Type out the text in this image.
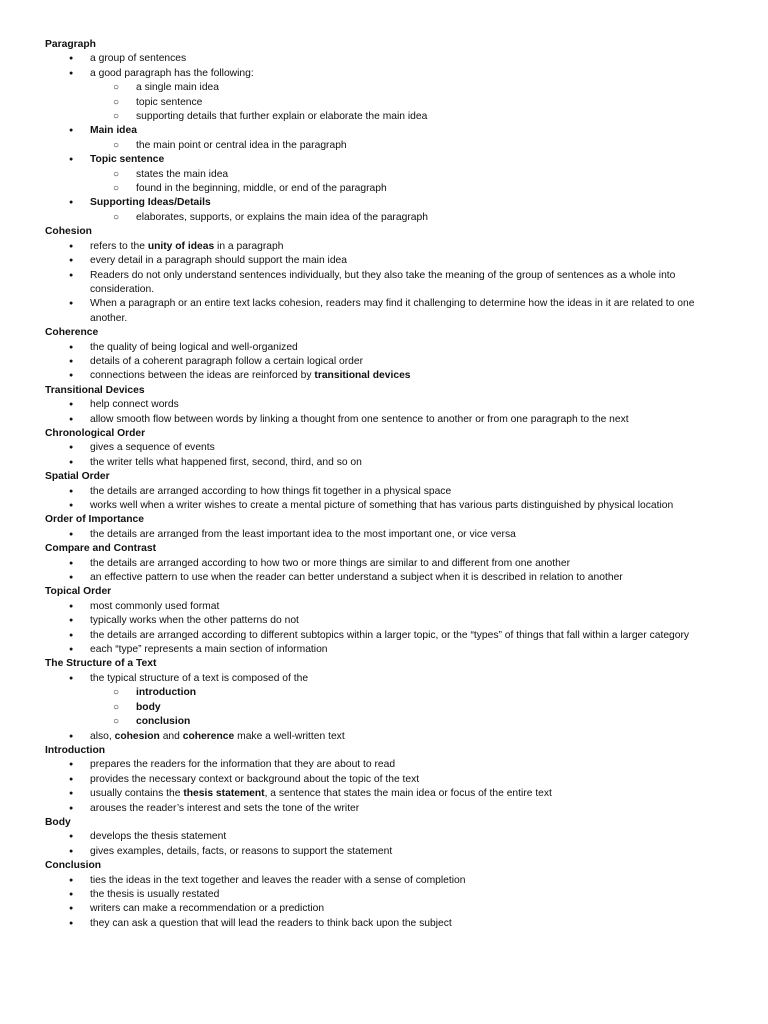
Paragraph
● a group of sentences
● a good paragraph has the following:
○ a single main idea
○ topic sentence
○ supporting details that further explain or elaborate the main idea
● Main idea
○ the main point or central idea in the paragraph
● Topic sentence
○ states the main idea
○ found in the beginning, middle, or end of the paragraph
● Supporting Ideas/Details
○ elaborates, supports, or explains the main idea of the paragraph
Cohesion
● refers to the unity of ideas in a paragraph
● every detail in a paragraph should support the main idea
● Readers do not only understand sentences individually, but they also take the meaning of the group of sentences as a whole into consideration.
● When a paragraph or an entire text lacks cohesion, readers may find it challenging to determine how the ideas in it are related to one another.
Coherence
● the quality of being logical and well-organized
● details of a coherent paragraph follow a certain logical order
● connections between the ideas are reinforced by transitional devices
Transitional Devices
● help connect words
● allow smooth flow between words by linking a thought from one sentence to another or from one paragraph to the next
Chronological Order
● gives a sequence of events
● the writer tells what happened first, second, third, and so on
Spatial Order
● the details are arranged according to how things fit together in a physical space
● works well when a writer wishes to create a mental picture of something that has various parts distinguished by physical location
Order of Importance
● the details are arranged from the least important idea to the most important one, or vice versa
Compare and Contrast
● the details are arranged according to how two or more things are similar to and different from one another
● an effective pattern to use when the reader can better understand a subject when it is described in relation to another
Topical Order
● most commonly used format
● typically works when the other patterns do not
● the details are arranged according to different subtopics within a larger topic, or the “types” of things that fall within a larger category
● each “type” represents a main section of information
The Structure of a Text
● the typical structure of a text is composed of the
○ introduction
○ body
○ conclusion
● also, cohesion and coherence make a well-written text
Introduction
● prepares the readers for the information that they are about to read
● provides the necessary context or background about the topic of the text
● usually contains the thesis statement, a sentence that states the main idea or focus of the entire text
● arouses the reader’s interest and sets the tone of the writer
Body
● develops the thesis statement
● gives examples, details, facts, or reasons to support the statement
Conclusion
● ties the ideas in the text together and leaves the reader with a sense of completion
● the thesis is usually restated
● writers can make a recommendation or a prediction
● they can ask a question that will lead the readers to think back upon the subject
